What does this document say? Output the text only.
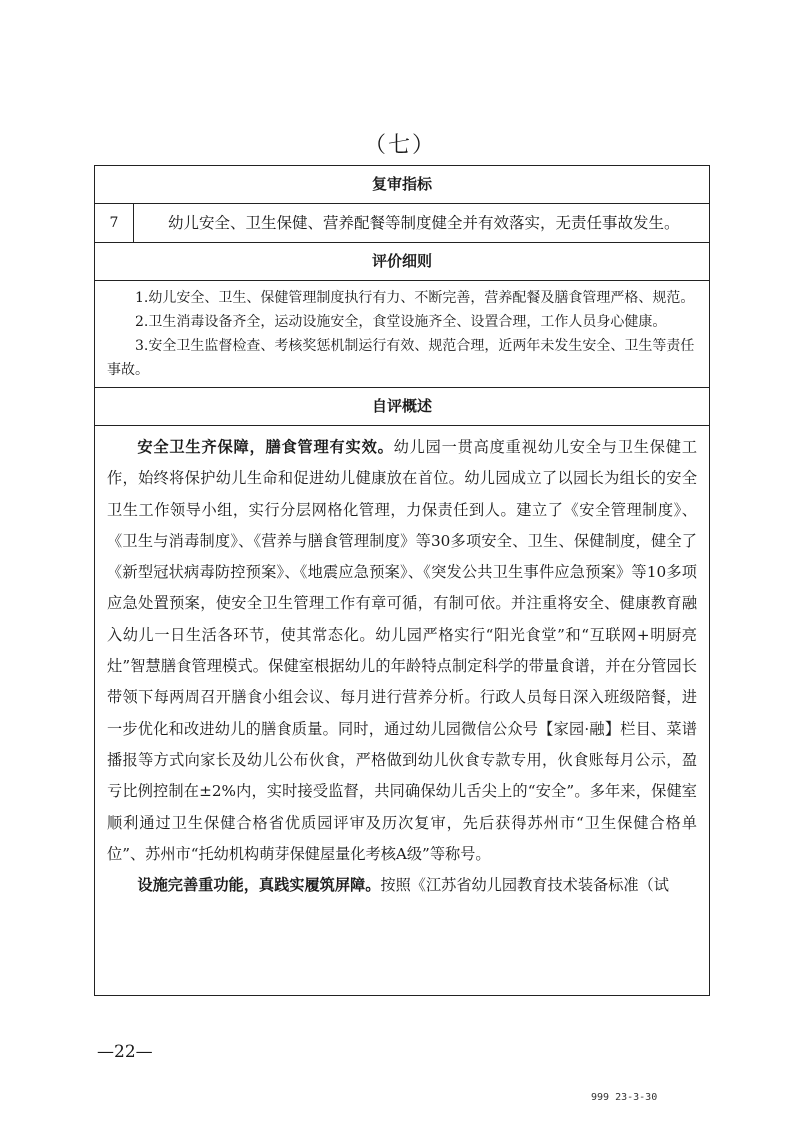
（七）
复审指标
7	幼儿安全、卫生保健、营养配餐等制度健全并有效落实，无责任事故发生。
评价细则

1.幼儿安全、卫生、保健管理制度执行有力、不断完善，营养配餐及膳食管理严格、规范。

2.卫生消毒设备齐全，运动设施安全，食堂设施齐全、设置合理，工作人员身心健康。

3.安全卫生监督检查、考核奖惩机制运行有效、规范合理，近两年未发生安全、卫生等责任事故。

自评概述

安全卫生齐保障，膳食管理有实效。幼儿园一贯高度重视幼儿安全与卫生保健工作，始终将保护幼儿生命和促进幼儿健康放在首位。幼儿园成立了以园长为组长的安全卫生工作领导小组，实行分层网格化管理，力保责任到人。建立了《安全管理制度》、《卫生与消毒制度》、《营养与膳食管理制度》等30多项安全、卫生、保健制度，健全了《新型冠状病毒防控预案》、《地震应急预案》、《突发公共卫生事件应急预案》等10多项应急处置预案，使安全卫生管理工作有章可循，有制可依。并注重将安全、健康教育融入幼儿一日生活各环节，使其常态化。幼儿园严格实行“阳光食堂”和“互联网+明厨亮灶”智慧膳食管理模式。保健室根据幼儿的年龄特点制定科学的带量食谱，并在分管园长带领下每两周召开膳食小组会议、每月进行营养分析。行政人员每日深入班级陪餐，进一步优化和改进幼儿的膳食质量。同时，通过幼儿园微信公众号【家园·融】栏目、菜谱播报等方式向家长及幼儿公布伙食，严格做到幼儿伙食专款专用，伙食账每月公示，盈亏比例控制在±2%内，实时接受监督，共同确保幼儿舌尖上的“安全”。多年来，保健室顺利通过卫生保健合格省优质园评审及历次复审，先后获得苏州市“卫生保健合格单位”、苏州市“托幼机构萌芽保健屋量化考核A级”等称号。

设施完善重功能，真践实履筑屏障。按照《江苏省幼儿园教育技术装备标准（试

—22—
999 23-3-30
